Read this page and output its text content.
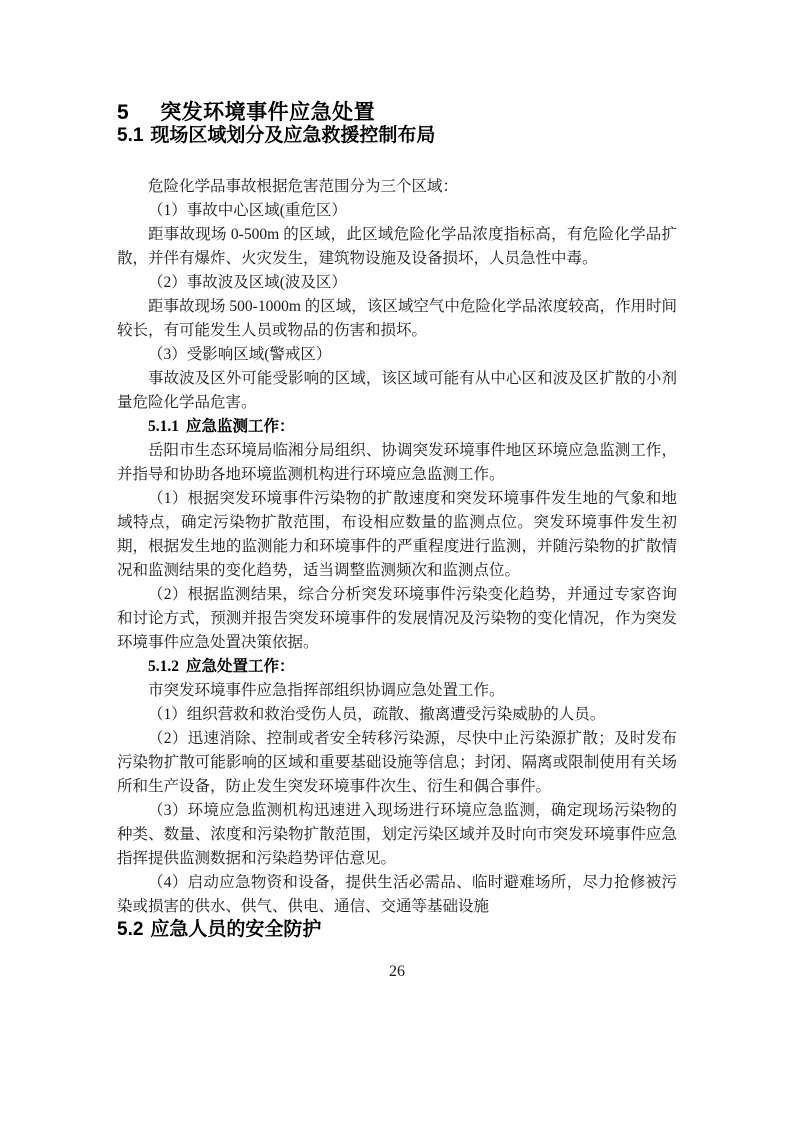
5 突发环境事件应急处置
5.1 现场区域划分及应急救援控制布局

危险化学品事故根据危害范围分为三个区域：

（1）事故中心区域(重危区）

距事故现场 0-500m 的区域，此区域危险化学品浓度指标高，有危险化学品扩散，并伴有爆炸、火灾发生，建筑物设施及设备损坏，人员急性中毒。

（2）事故波及区域(波及区）

距事故现场 500-1000m 的区域，该区域空气中危险化学品浓度较高，作用时间较长，有可能发生人员或物品的伤害和损坏。

（3）受影响区域(警戒区）

事故波及区外可能受影响的区域，该区域可能有从中心区和波及区扩散的小剂量危险化学品危害。

5.1.1 应急监测工作：

岳阳市生态环境局临湘分局组织、协调突发环境事件地区环境应急监测工作，并指导和协助各地环境监测机构进行环境应急监测工作。

（1）根据突发环境事件污染物的扩散速度和突发环境事件发生地的气象和地域特点，确定污染物扩散范围，布设相应数量的监测点位。突发环境事件发生初期，根据发生地的监测能力和环境事件的严重程度进行监测，并随污染物的扩散情况和监测结果的变化趋势，适当调整监测频次和监测点位。

（2）根据监测结果，综合分析突发环境事件污染变化趋势，并通过专家咨询和讨论方式，预测并报告突发环境事件的发展情况及污染物的变化情况，作为突发环境事件应急处置决策依据。

5.1.2 应急处置工作：

市突发环境事件应急指挥部组织协调应急处置工作。

（1）组织营救和救治受伤人员，疏散、撤离遭受污染威胁的人员。

（2）迅速消除、控制或者安全转移污染源，尽快中止污染源扩散；及时发布污染物扩散可能影响的区域和重要基础设施等信息；封闭、隔离或限制使用有关场所和生产设备，防止发生突发环境事件次生、衍生和偶合事件。

（3）环境应急监测机构迅速进入现场进行环境应急监测，确定现场污染物的种类、数量、浓度和污染物扩散范围，划定污染区域并及时向市突发环境事件应急指挥提供监测数据和污染趋势评估意见。

（4）启动应急物资和设备，提供生活必需品、临时避难场所，尽力抢修被污染或损害的供水、供气、供电、通信、交通等基础设施

5.2 应急人员的安全防护
26
